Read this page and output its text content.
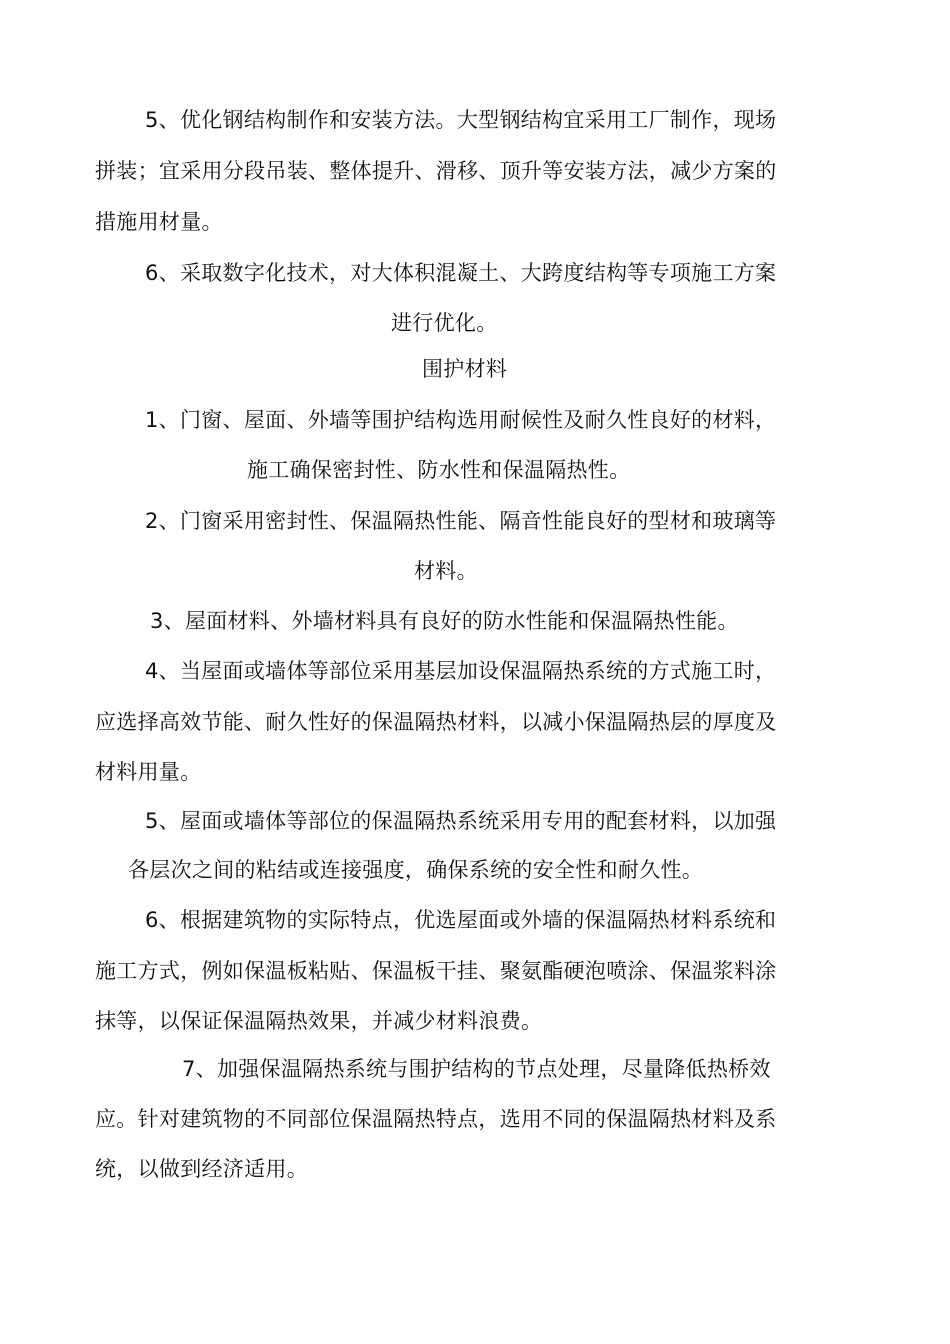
5、优化钢结构制作和安装方法。大型钢结构宜采用工厂制作，现场
拼装；宜采用分段吊装、整体提升、滑移、顶升等安装方法，减少方案的
措施用材量。
6、采取数字化技术，对大体积混凝土、大跨度结构等专项施工方案
进行优化。
围护材料
1、门窗、屋面、外墙等围护结构选用耐候性及耐久性良好的材料，
施工确保密封性、防水性和保温隔热性。
2、门窗采用密封性、保温隔热性能、隔音性能良好的型材和玻璃等
材料。
3、屋面材料、外墙材料具有良好的防水性能和保温隔热性能。
4、当屋面或墙体等部位采用基层加设保温隔热系统的方式施工时，
应选择高效节能、耐久性好的保温隔热材料，以减小保温隔热层的厚度及
材料用量。
5、屋面或墙体等部位的保温隔热系统采用专用的配套材料，以加强
各层次之间的粘结或连接强度，确保系统的安全性和耐久性。
6、根据建筑物的实际特点，优选屋面或外墙的保温隔热材料系统和
施工方式，例如保温板粘贴、保温板干挂、聚氨酯硬泡喷涂、保温浆料涂
抹等，以保证保温隔热效果，并减少材料浪费。
7、加强保温隔热系统与围护结构的节点处理，尽量降低热桥效
应。针对建筑物的不同部位保温隔热特点，选用不同的保温隔热材料及系
统，以做到经济适用。
